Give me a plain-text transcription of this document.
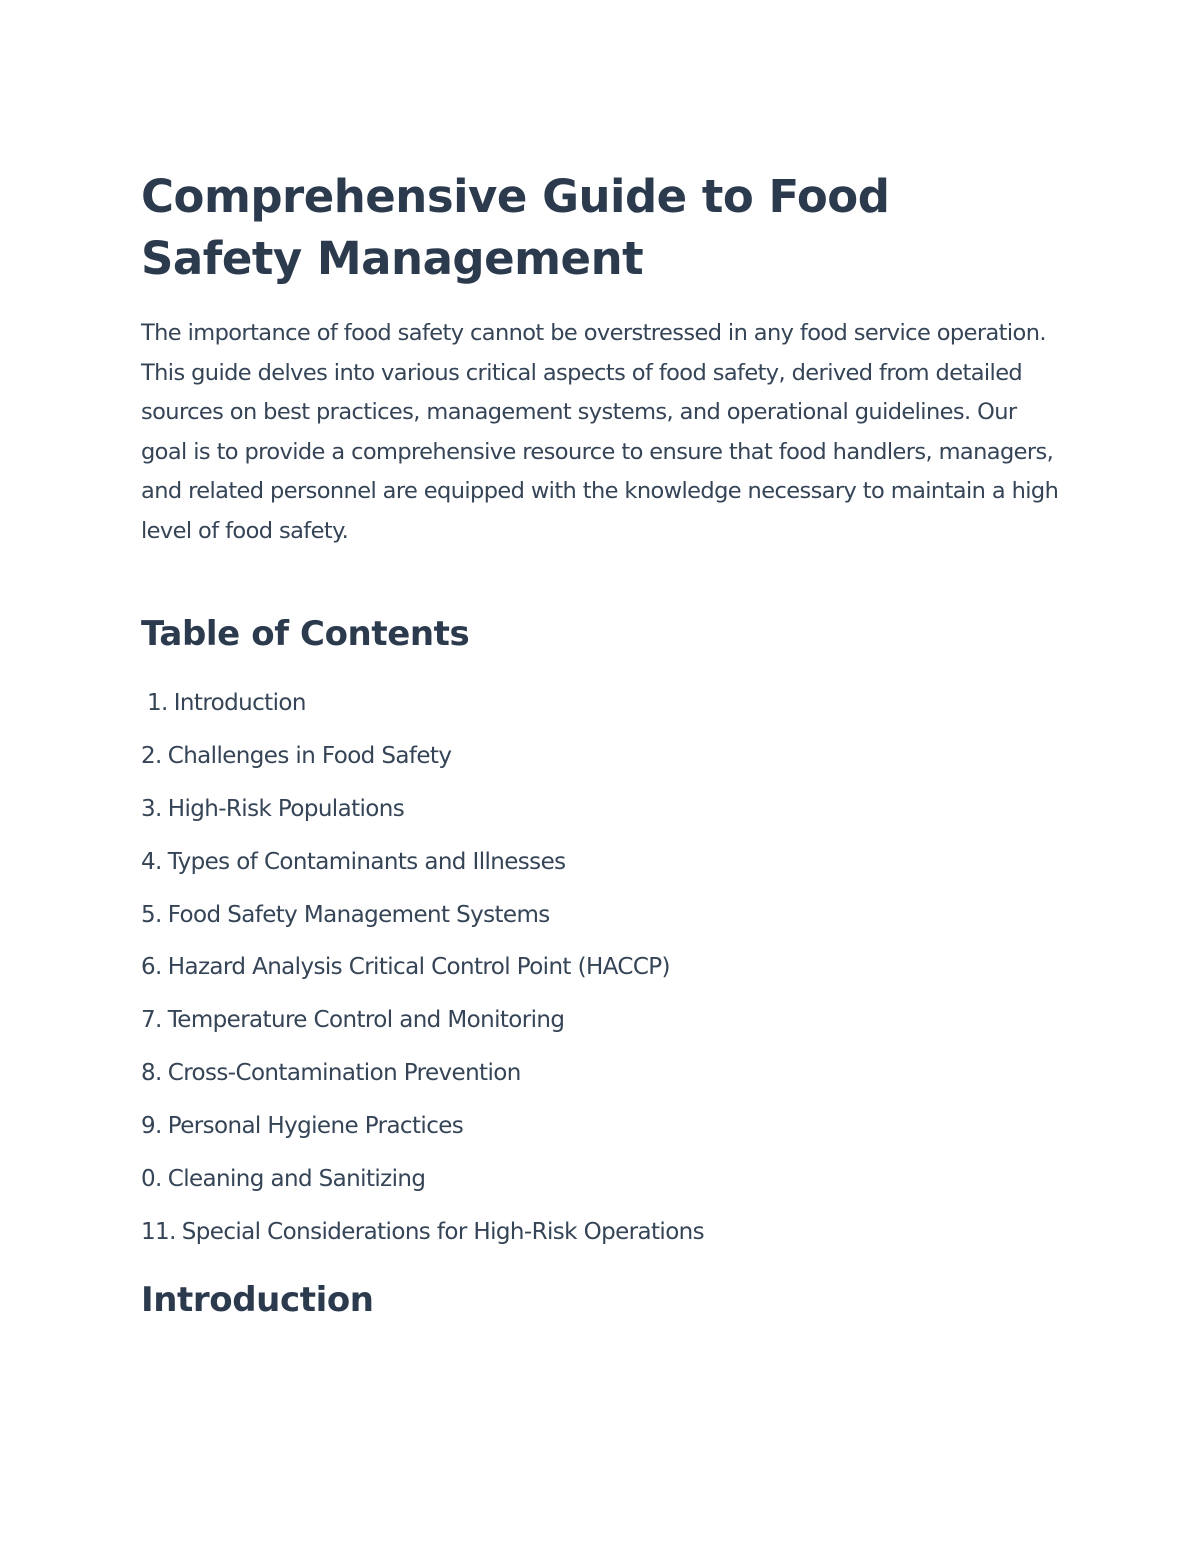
Comprehensive Guide to Food Safety Management

The importance of food safety cannot be overstressed in any food service operation. This guide delves into various critical aspects of food safety, derived from detailed sources on best practices, management systems, and operational guidelines. Our goal is to provide a comprehensive resource to ensure that food handlers, managers, and related personnel are equipped with the knowledge necessary to maintain a high level of food safety.

Table of Contents
1. Introduction
2. Challenges in Food Safety
3. High-Risk Populations
4. Types of Contaminants and Illnesses
5. Food Safety Management Systems
6. Hazard Analysis Critical Control Point (HACCP)
7. Temperature Control and Monitoring
8. Cross-Contamination Prevention
9. Personal Hygiene Practices
0. Cleaning and Sanitizing
11. Special Considerations for High-Risk Operations
Introduction
